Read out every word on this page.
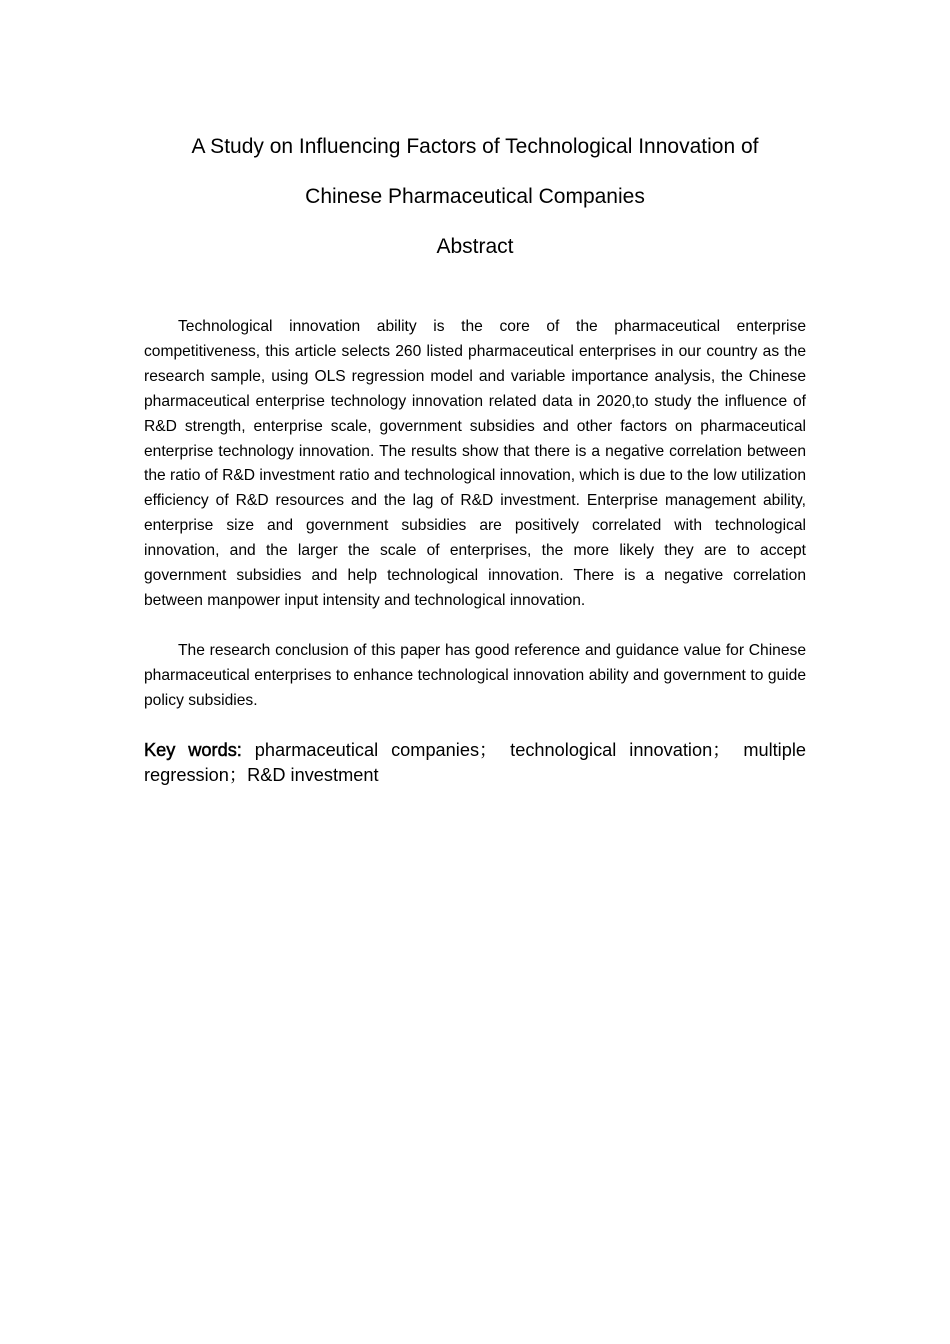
A Study on Influencing Factors of Technological Innovation of
Chinese Pharmaceutical Companies
Abstract

Technological innovation ability is the core of the pharmaceutical enterprise competitiveness, this article selects 260 listed pharmaceutical enterprises in our country as the research sample, using OLS regression model and variable importance analysis, the Chinese pharmaceutical enterprise technology innovation related data in 2020,to study the influence of R&D strength, enterprise scale, government subsidies and other factors on pharmaceutical enterprise technology innovation. The results show that there is a negative correlation between the ratio of R&D investment ratio and technological innovation, which is due to the low utilization efficiency of R&D resources and the lag of R&D investment. Enterprise management ability, enterprise size and government subsidies are positively correlated with technological innovation, and the larger the scale of enterprises, the more likely they are to accept government subsidies and help technological innovation. There is a negative correlation between manpower input intensity and technological innovation.

The research conclusion of this paper has good reference and guidance value for Chinese pharmaceutical enterprises to enhance technological innovation ability and government to guide policy subsidies.

Key words: pharmaceutical companies； technological innovation； multiple regression；R&D investment
